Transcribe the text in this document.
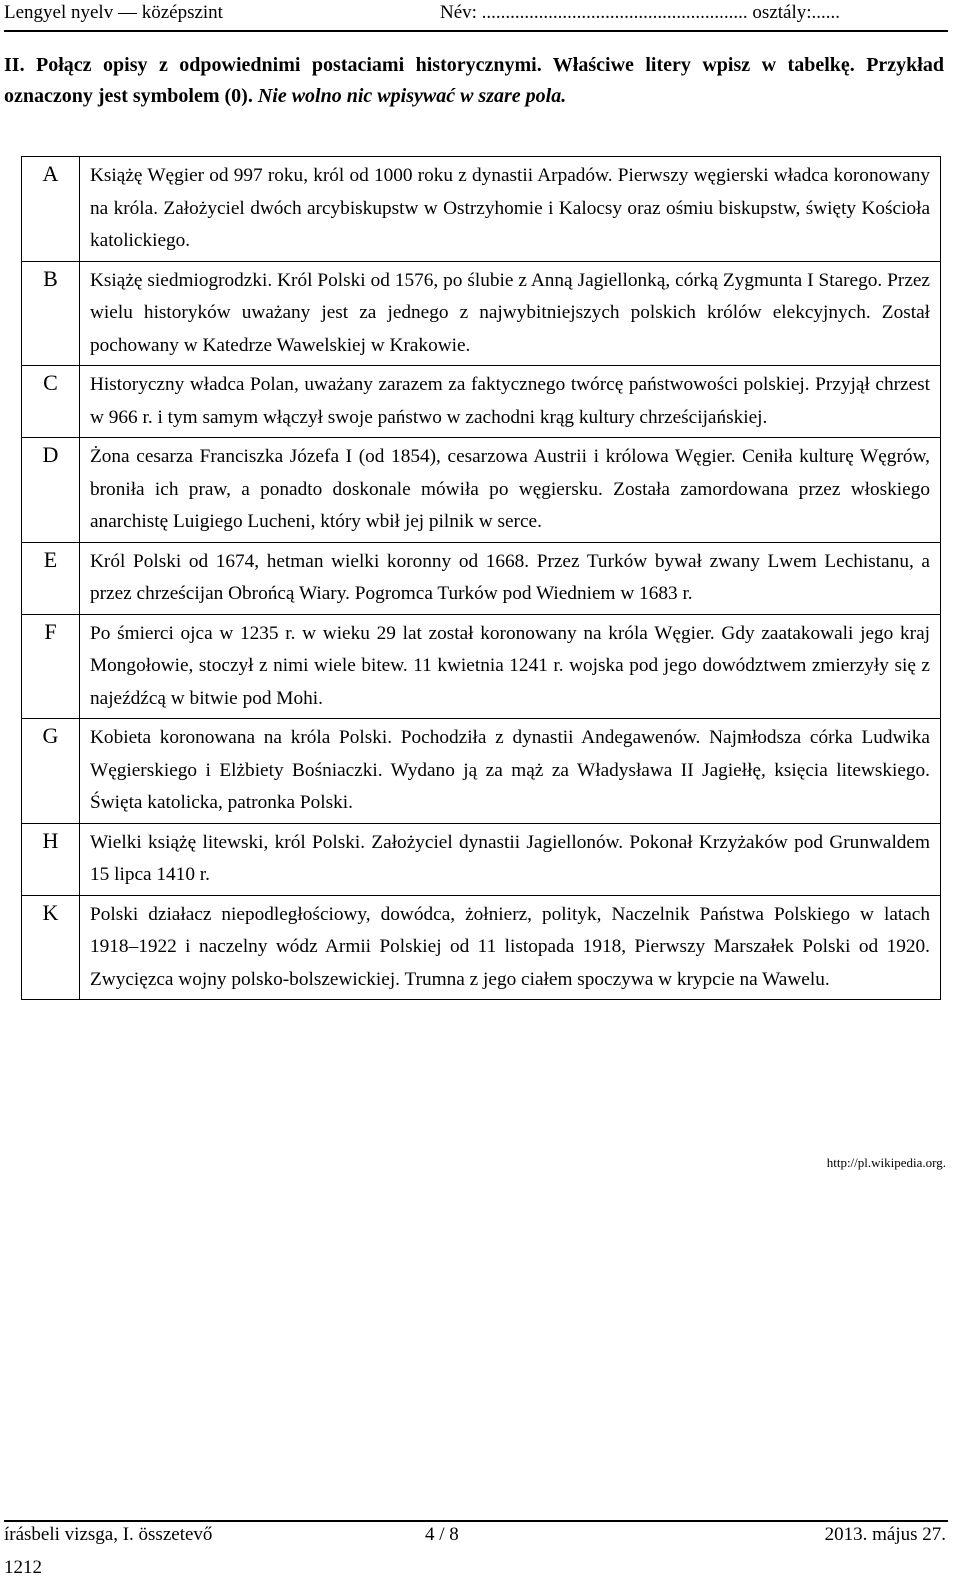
Lengyel nyelv — középszint	Név: ........................................................ osztály:......
II. Połącz opisy z odpowiednimi postaciami historycznymi. Właściwe litery wpisz w tabelkę. Przykład oznaczony jest symbolem (0). Nie wolno nic wpisywać w szare pola.
A	Książę Węgier od 997 roku, król od 1000 roku z dynastii Arpadów. Pierwszy węgierski władca koronowany na króla. Założyciel dwóch arcybiskupstw w Ostrzyhomie i Kalocsy oraz ośmiu biskupstw, święty Kościoła katolickiego.
B	Książę siedmiogrodzki. Król Polski od 1576, po ślubie z Anną Jagiellonką, córką Zygmunta I Starego. Przez wielu historyków uważany jest za jednego z najwybitniejszych polskich królów elekcyjnych. Został pochowany w Katedrze Wawelskiej w Krakowie.
C	Historyczny władca Polan, uważany zarazem za faktycznego twórcę państwowości polskiej. Przyjął chrzest w 966 r. i tym samym włączył swoje państwo w zachodni krąg kultury chrześcijańskiej.
D	Żona cesarza Franciszka Józefa I (od 1854), cesarzowa Austrii i królowa Węgier. Ceniła kulturę Węgrów, broniła ich praw, a ponadto doskonale mówiła po węgiersku. Została zamordowana przez włoskiego anarchistę Luigiego Lucheni, który wbił jej pilnik w serce.
E	Król Polski od 1674, hetman wielki koronny od 1668. Przez Turków bywał zwany Lwem Lechistanu, a przez chrześcijan Obrońcą Wiary. Pogromca Turków pod Wiedniem w 1683 r.
F	Po śmierci ojca w 1235 r. w wieku 29 lat został koronowany na króla Węgier. Gdy zaatakowali jego kraj Mongołowie, stoczył z nimi wiele bitew. 11 kwietnia 1241 r. wojska pod jego dowództwem zmierzyły się z najeźdźcą w bitwie pod Mohi.
G	Kobieta koronowana na króla Polski. Pochodziła z dynastii Andegawenów. Najmłodsza córka Ludwika Węgierskiego i Elżbiety Bośniaczki. Wydano ją za mąż za Władysława II Jagiełłę, księcia litewskiego. Święta katolicka, patronka Polski.
H	Wielki książę litewski, król Polski. Założyciel dynastii Jagiellonów. Pokonał Krzyżaków pod Grunwaldem 15 lipca 1410 r.
K	Polski działacz niepodległościowy, dowódca, żołnierz, polityk, Naczelnik Państwa Polskiego w latach 1918–1922 i naczelny wódz Armii Polskiej od 11 listopada 1918, Pierwszy Marszałek Polski od 1920. Zwycięzca wojny polsko-bolszewickiej. Trumna z jego ciałem spoczywa w krypcie na Wawelu.
http://pl.wikipedia.org.
írásbeli vizsga, I. összetevő	4 / 8	2013. május 27.
1212
